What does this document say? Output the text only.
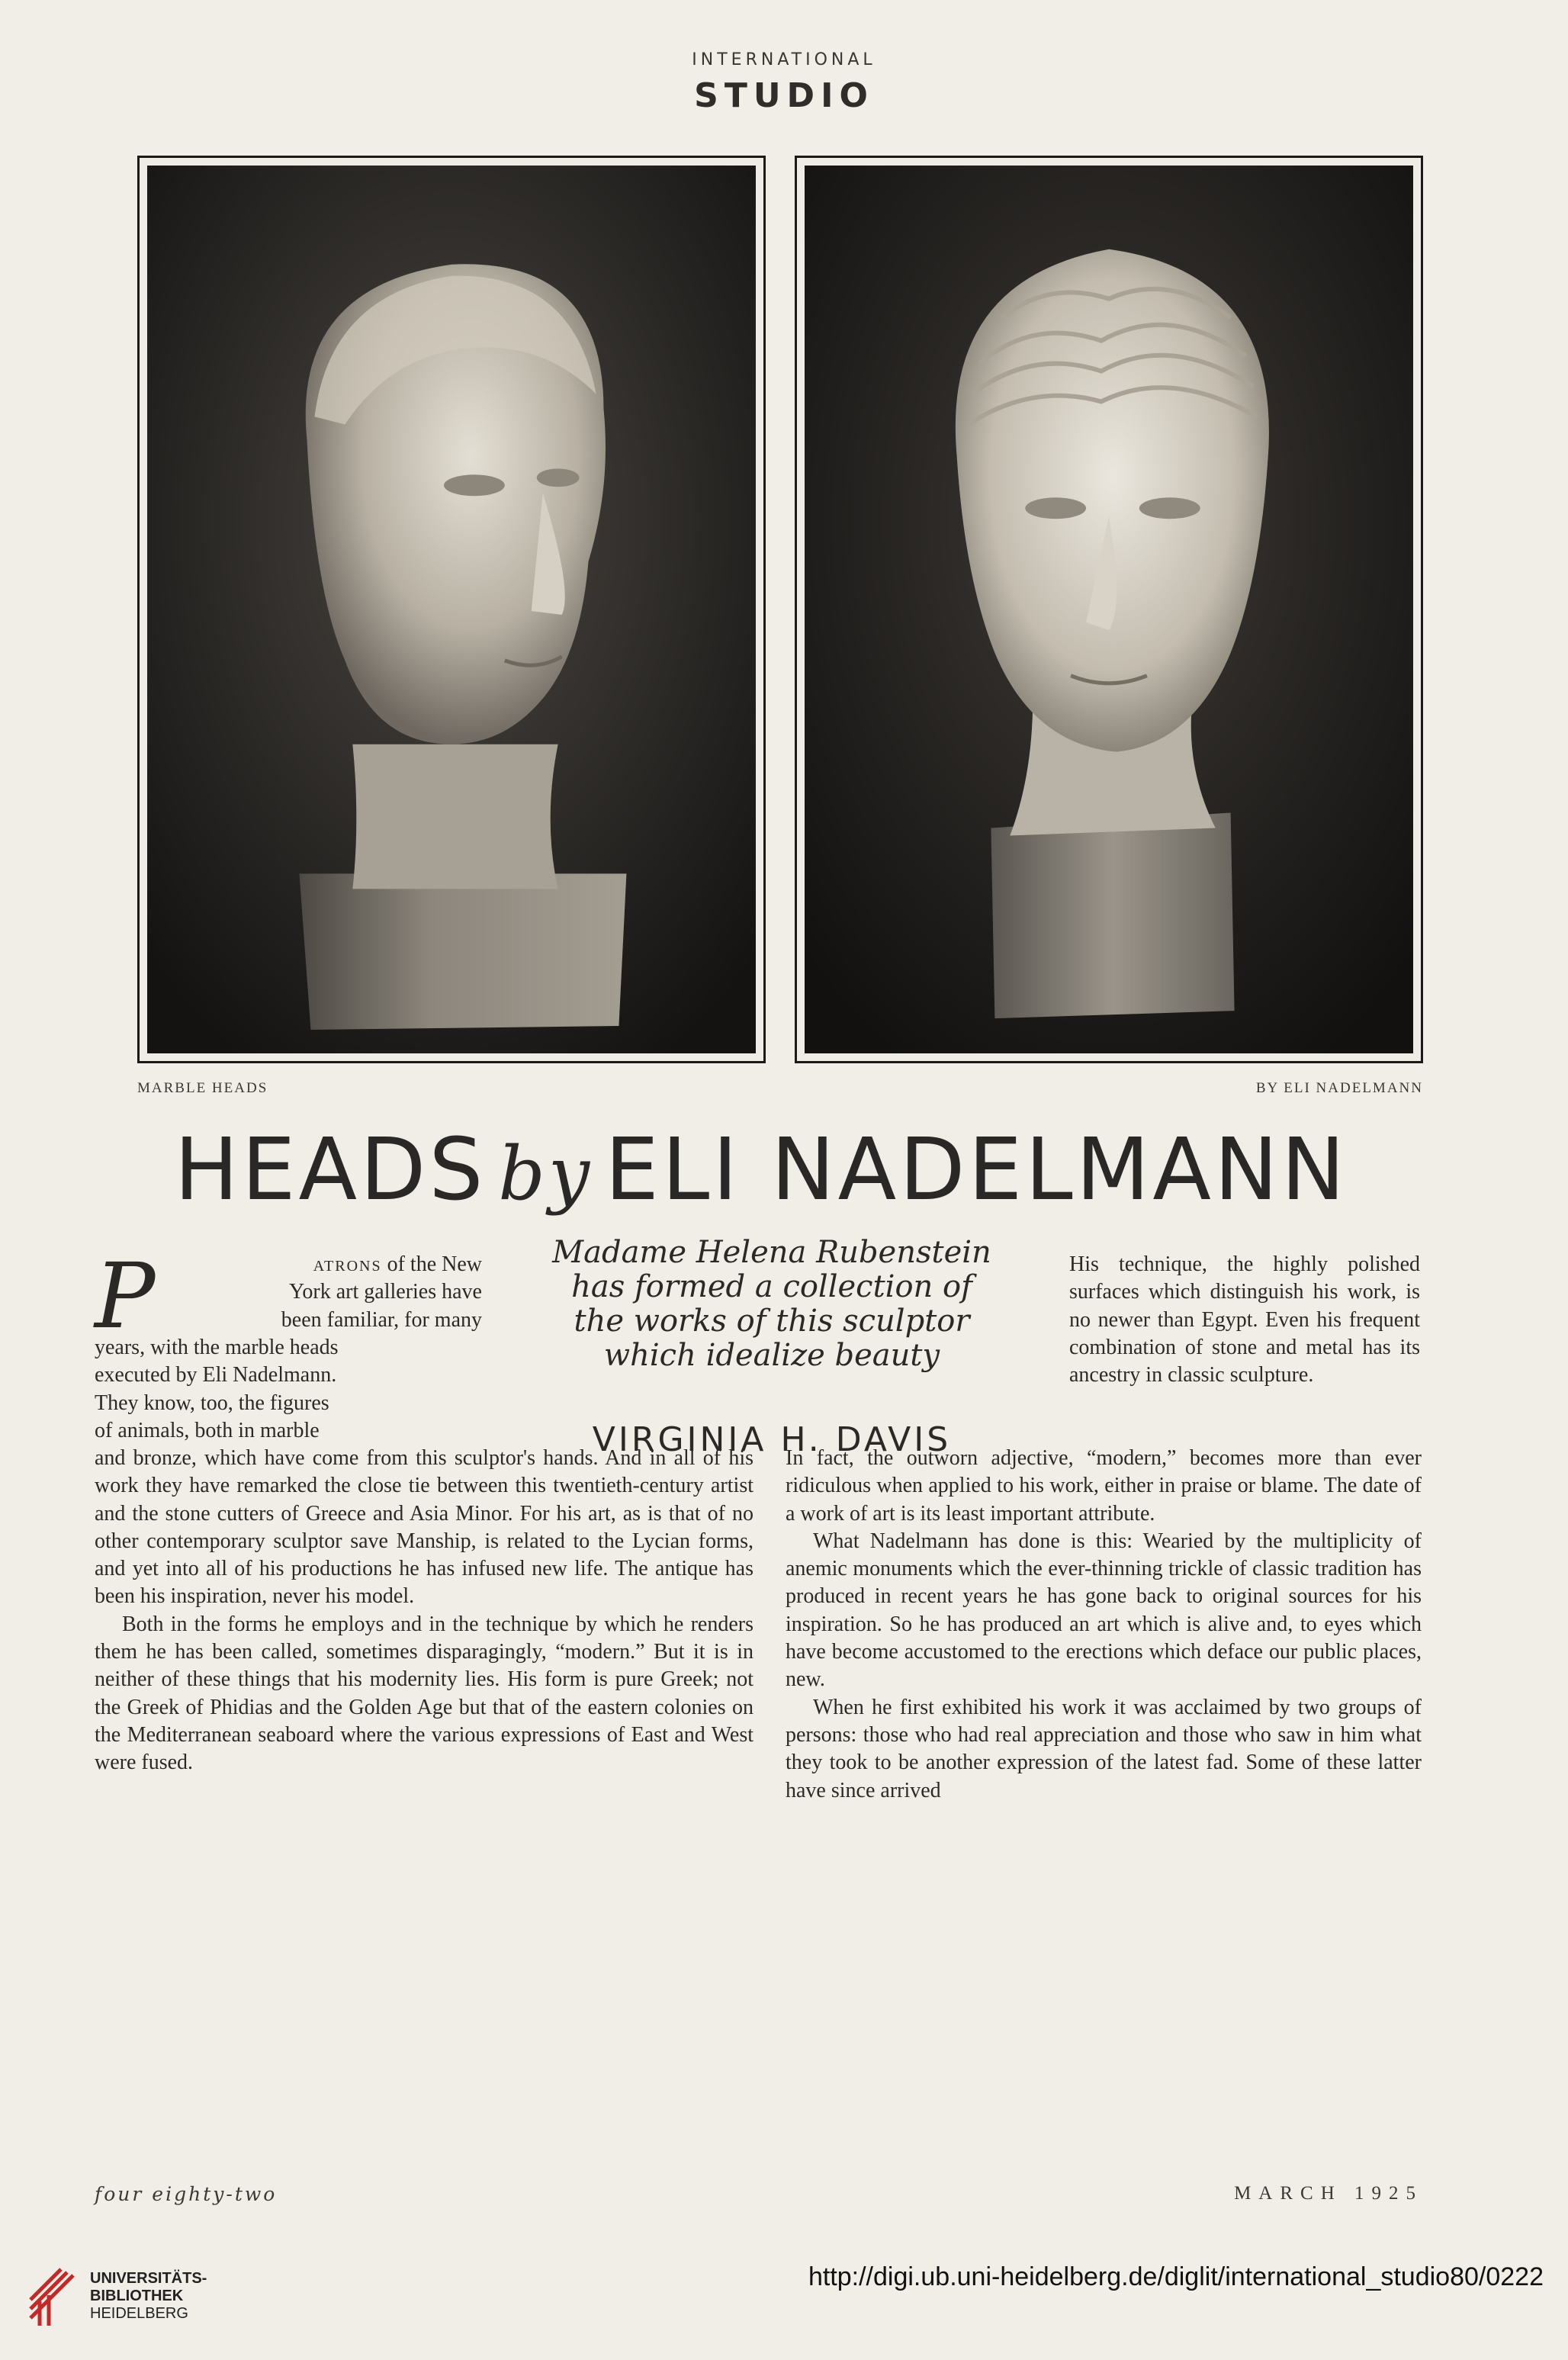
INTERNATIONAL
STUDIO
MARBLE HEADS	BY ELI NADELMANN
HEADS by ELI NADELMANN
P	atrons of the New
York art galleries have
been familiar, for many
years, with the marble heads
executed by Eli Nadelmann.
They know, too, the figures
of animals, both in marble
Madame Helena Rubenstein
has formed a collection of
the works of this sculptor
which idealize beauty
VIRGINIA H. DAVIS

His technique, the highly polished surfaces which distinguish his work, is no newer than Egypt. Even his frequent combination of stone and metal has its ancestry in classic sculpture.

and bronze, which have come from this sculptor's hands. And in all of his work they have remarked the close tie between this twentieth-century artist and the stone cutters of Greece and Asia Minor. For his art, as is that of no other contemporary sculptor save Manship, is related to the Lycian forms, and yet into all of his productions he has infused new life. The antique has been his inspiration, never his model.

Both in the forms he employs and in the technique by which he renders them he has been called, sometimes disparagingly, “modern.” But it is in neither of these things that his modernity lies. His form is pure Greek; not the Greek of Phidias and the Golden Age but that of the eastern colonies on the Mediterranean seaboard where the various expressions of East and West were fused.

In fact, the outworn adjective, “modern,” becomes more than ever ridiculous when applied to his work, either in praise or blame. The date of a work of art is its least important attribute.

What Nadelmann has done is this: Wearied by the multiplicity of anemic monuments which the ever-thinning trickle of classic tradition has produced in recent years he has gone back to original sources for his inspiration. So he has produced an art which is alive and, to eyes which have become accustomed to the erections which deface our public places, new.

When he first exhibited his work it was acclaimed by two groups of persons: those who had real appreciation and those who saw in him what they took to be another expression of the latest fad. Some of these latter have since arrived

four eighty-two	MARCH 1925
UNIVERSITÄTS-
BIBLIOTHEK
HEIDELBERG
http://digi.ub.uni-heidelberg.de/diglit/international_studio80/0222
